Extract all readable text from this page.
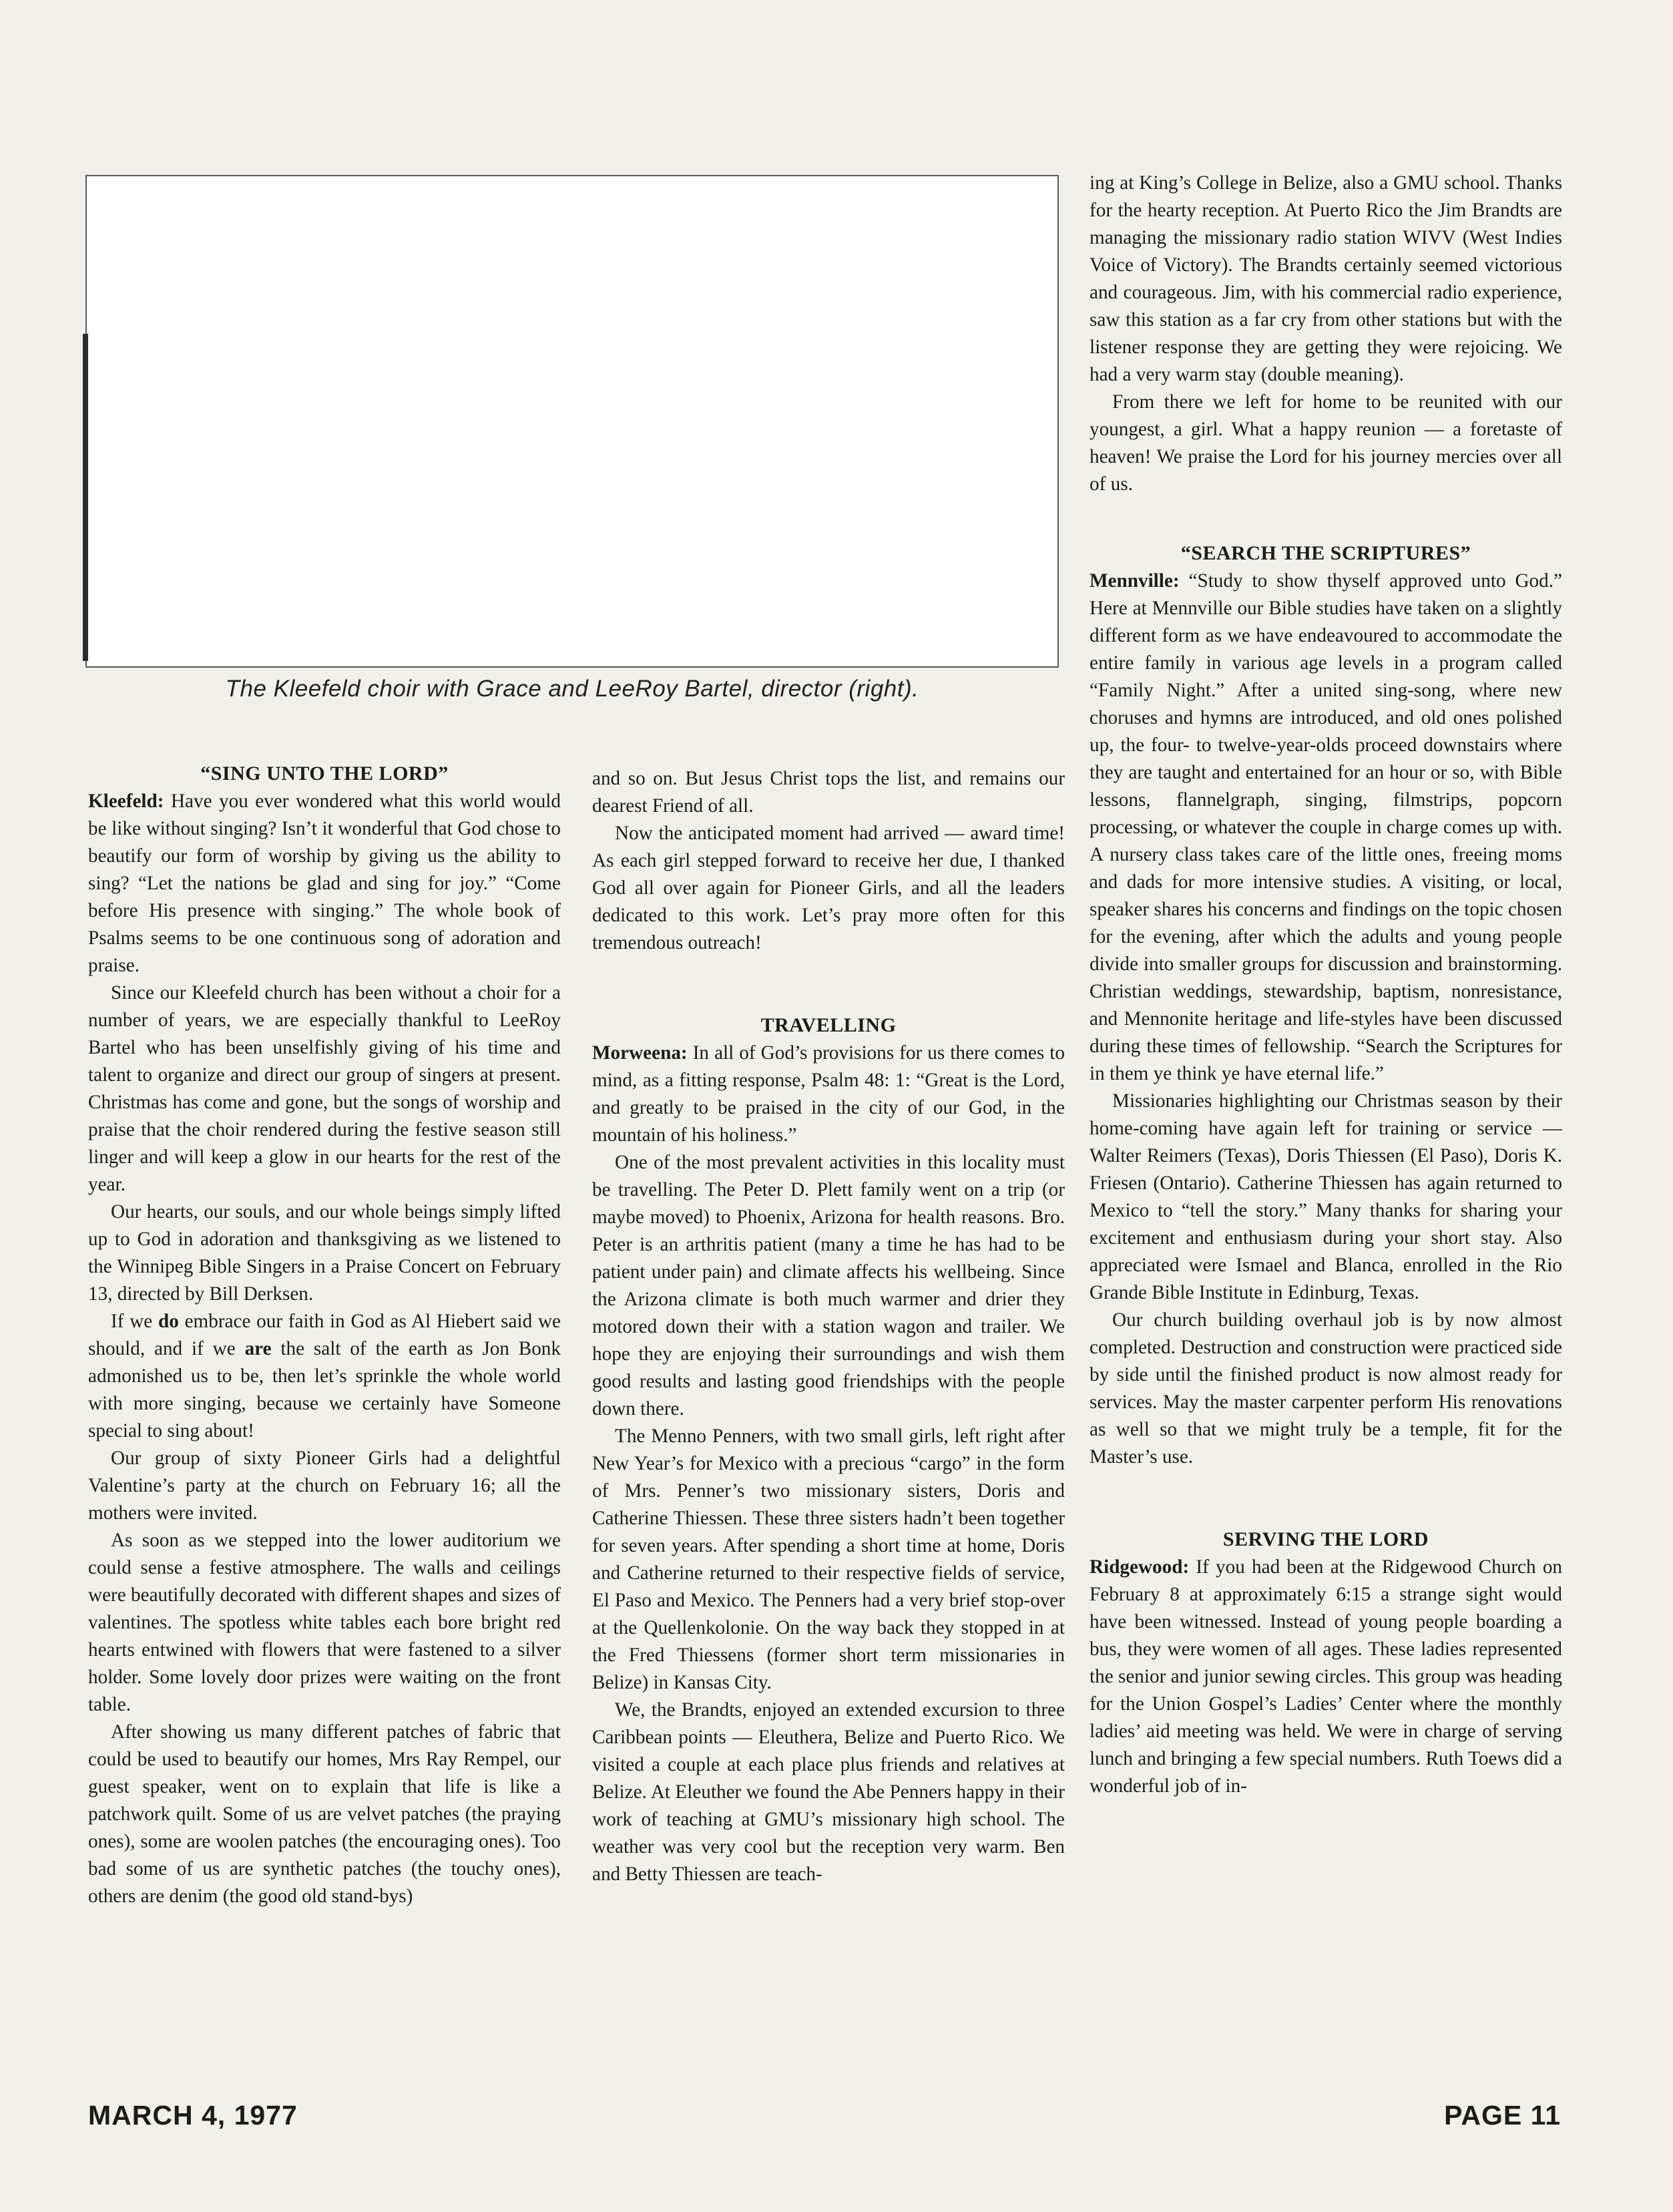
The Kleefeld choir with Grace and LeeRoy Bartel, director (right).

“SING UNTO THE LORD”

Kleefeld: Have you ever wondered what this world would be like without singing? Isn’t it wonderful that God chose to beautify our form of worship by giving us the ability to sing? “Let the nations be glad and sing for joy.” “Come before His presence with singing.” The whole book of Psalms seems to be one continuous song of adoration and praise.

Since our Kleefeld church has been without a choir for a number of years, we are especially thankful to LeeRoy Bartel who has been unselfishly giving of his time and talent to organize and direct our group of singers at present. Christmas has come and gone, but the songs of worship and praise that the choir rendered during the festive season still linger and will keep a glow in our hearts for the rest of the year.

Our hearts, our souls, and our whole beings simply lifted up to God in adoration and thanksgiving as we listened to the Winnipeg Bible Singers in a Praise Concert on February 13, directed by Bill Derksen.

If we do embrace our faith in God as Al Hiebert said we should, and if we are the salt of the earth as Jon Bonk admonished us to be, then let’s sprinkle the whole world with more singing, because we certainly have Someone special to sing about!

Our group of sixty Pioneer Girls had a delightful Valentine’s party at the church on February 16; all the mothers were invited.

As soon as we stepped into the lower auditorium we could sense a festive atmosphere. The walls and ceilings were beautifully decorated with different shapes and sizes of valentines. The spotless white tables each bore bright red hearts entwined with flowers that were fastened to a silver holder. Some lovely door prizes were waiting on the front table.

After showing us many different patches of fabric that could be used to beautify our homes, Mrs Ray Rempel, our guest speaker, went on to explain that life is like a patchwork quilt. Some of us are velvet patches (the praying ones), some are woolen patches (the encouraging ones). Too bad some of us are synthetic patches (the touchy ones), others are denim (the good old stand-bys)

and so on. But Jesus Christ tops the list, and remains our dearest Friend of all.

Now the anticipated moment had arrived — award time! As each girl stepped forward to receive her due, I thanked God all over again for Pioneer Girls, and all the leaders dedicated to this work. Let’s pray more often for this tremendous outreach!

TRAVELLING

Morweena: In all of God’s provisions for us there comes to mind, as a fitting response, Psalm 48: 1: “Great is the Lord, and greatly to be praised in the city of our God, in the mountain of his holiness.”

One of the most prevalent activities in this locality must be travelling. The Peter D. Plett family went on a trip (or maybe moved) to Phoenix, Arizona for health reasons. Bro. Peter is an arthritis patient (many a time he has had to be patient under pain) and climate affects his wellbeing. Since the Arizona climate is both much warmer and drier they motored down their with a station wagon and trailer. We hope they are enjoying their surroundings and wish them good results and lasting good friendships with the people down there.

The Menno Penners, with two small girls, left right after New Year’s for Mexico with a precious “cargo” in the form of Mrs. Penner’s two missionary sisters, Doris and Catherine Thiessen. These three sisters hadn’t been together for seven years. After spending a short time at home, Doris and Catherine returned to their respective fields of service, El Paso and Mexico. The Penners had a very brief stop-over at the Quellenkolonie. On the way back they stopped in at the Fred Thiessens (former short term missionaries in Belize) in Kansas City.

We, the Brandts, enjoyed an extended excursion to three Caribbean points — Eleuthera, Belize and Puerto Rico. We visited a couple at each place plus friends and relatives at Belize. At Eleuther we found the Abe Penners happy in their work of teaching at GMU’s missionary high school. The weather was very cool but the reception very warm. Ben and Betty Thiessen are teach-

ing at King’s College in Belize, also a GMU school. Thanks for the hearty reception. At Puerto Rico the Jim Brandts are managing the missionary radio station WIVV (West Indies Voice of Victory). The Brandts certainly seemed victorious and courageous. Jim, with his commercial radio experience, saw this station as a far cry from other stations but with the listener response they are getting they were rejoicing. We had a very warm stay (double meaning).

From there we left for home to be reunited with our youngest, a girl. What a happy reunion — a foretaste of heaven! We praise the Lord for his journey mercies over all of us.

“SEARCH THE SCRIPTURES”

Mennville: “Study to show thyself approved unto God.” Here at Mennville our Bible studies have taken on a slightly different form as we have endeavoured to accommodate the entire family in various age levels in a program called “Family Night.” After a united sing-song, where new choruses and hymns are introduced, and old ones polished up, the four- to twelve-year-olds proceed downstairs where they are taught and entertained for an hour or so, with Bible lessons, flannelgraph, singing, filmstrips, popcorn processing, or whatever the couple in charge comes up with. A nursery class takes care of the little ones, freeing moms and dads for more intensive studies. A visiting, or local, speaker shares his concerns and findings on the topic chosen for the evening, after which the adults and young people divide into smaller groups for discussion and brainstorming. Christian weddings, stewardship, baptism, nonresistance, and Mennonite heritage and life-styles have been discussed during these times of fellowship. “Search the Scriptures for in them ye think ye have eternal life.”

Missionaries highlighting our Christmas season by their home-coming have again left for training or service — Walter Reimers (Texas), Doris Thiessen (El Paso), Doris K. Friesen (Ontario). Catherine Thiessen has again returned to Mexico to “tell the story.” Many thanks for sharing your excitement and enthusiasm during your short stay. Also appreciated were Ismael and Blanca, enrolled in the Rio Grande Bible Institute in Edinburg, Texas.

Our church building overhaul job is by now almost completed. Destruction and construction were practiced side by side until the finished product is now almost ready for services. May the master carpenter perform His renovations as well so that we might truly be a temple, fit for the Master’s use.

SERVING THE LORD

Ridgewood: If you had been at the Ridgewood Church on February 8 at approximately 6:15 a strange sight would have been witnessed. Instead of young people boarding a bus, they were women of all ages. These ladies represented the senior and junior sewing circles. This group was heading for the Union Gospel’s Ladies’ Center where the monthly ladies’ aid meeting was held. We were in charge of serving lunch and bringing a few special numbers. Ruth Toews did a wonderful job of in-

MARCH 4, 1977	PAGE 11
